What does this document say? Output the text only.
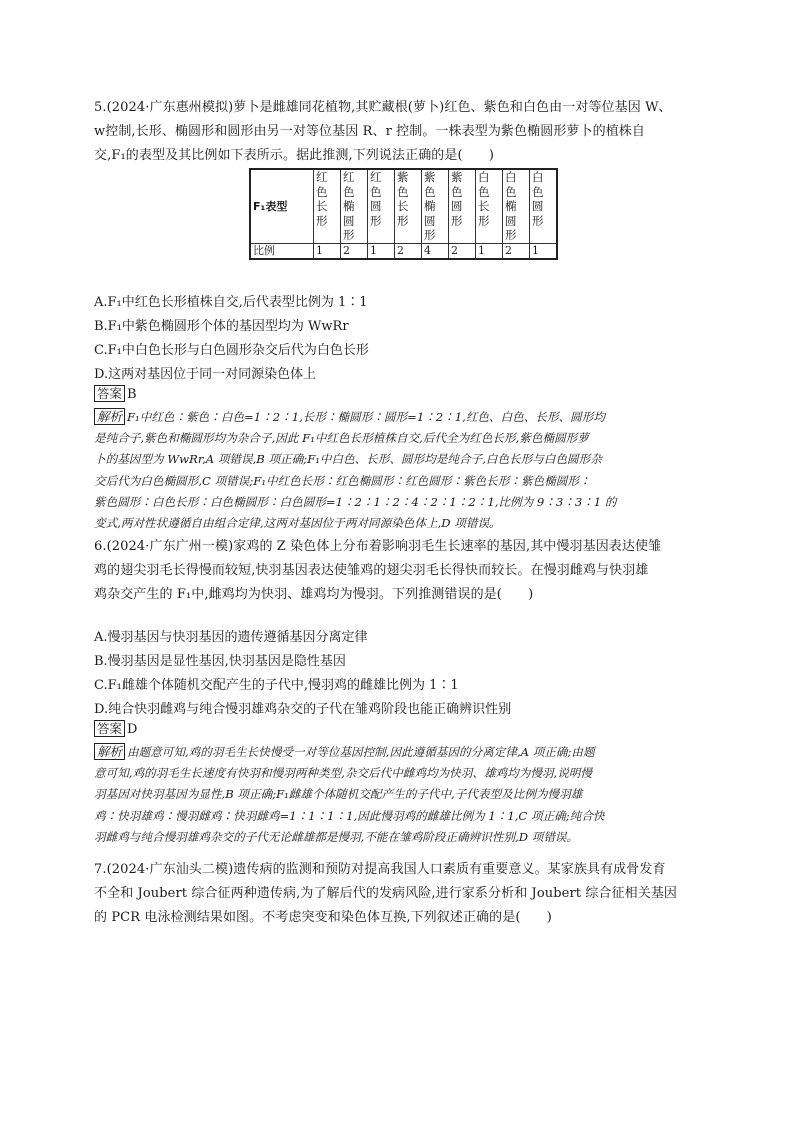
5.(2024·广东惠州模拟)萝卜是雌雄同花植物,其贮藏根(萝卜)红色、紫色和白色由一对等位基因 W、
w控制,长形、椭圆形和圆形由另一对等位基因 R、r 控制。一株表型为紫色椭圆形萝卜的植株自
交,F₁的表型及其比例如下表所示。据此推测,下列说法正确的是(　　)
F₁表型	红色长形	红色椭圆形	红色圆形	紫色长形	紫色椭圆形	紫色圆形	白色长形	白色椭圆形	白色圆形

比例	1	2	1	2	4	2	1	2	1
A.F₁中红色长形植株自交,后代表型比例为 1∶1
B.F₁中紫色椭圆形个体的基因型均为 WwRr
C.F₁中白色长形与白色圆形杂交后代为白色长形
D.这两对基因位于同一对同源染色体上
答案 B
解析 F₁中红色∶紫色∶白色=1∶2∶1,长形∶椭圆形∶圆形=1∶2∶1,红色、白色、长形、圆形均
是纯合子,紫色和椭圆形均为杂合子,因此 F₁中红色长形植株自交,后代全为红色长形,紫色椭圆形萝
卜的基因型为 WwRr,A 项错误,B 项正确;F₁中白色、长形、圆形均是纯合子,白色长形与白色圆形杂
交后代为白色椭圆形,C 项错误;F₁中红色长形∶红色椭圆形∶红色圆形∶紫色长形∶紫色椭圆形∶
紫色圆形∶白色长形∶白色椭圆形∶白色圆形=1∶2∶1∶2∶4∶2∶1∶2∶1,比例为 9∶3∶3∶1 的
变式,两对性状遵循自由组合定律,这两对基因位于两对同源染色体上,D 项错误。
6.(2024·广东广州一模)家鸡的 Z 染色体上分布着影响羽毛生长速率的基因,其中慢羽基因表达使雏
鸡的翅尖羽毛长得慢而较短,快羽基因表达使雏鸡的翅尖羽毛长得快而较长。在慢羽雌鸡与快羽雄
鸡杂交产生的 F₁中,雌鸡均为快羽、雄鸡均为慢羽。下列推测错误的是(　　)
A.慢羽基因与快羽基因的遗传遵循基因分离定律
B.慢羽基因是显性基因,快羽基因是隐性基因
C.F₁雌雄个体随机交配产生的子代中,慢羽鸡的雌雄比例为 1∶1
D.纯合快羽雌鸡与纯合慢羽雄鸡杂交的子代在雏鸡阶段也能正确辨识性别
答案 D
解析 由题意可知,鸡的羽毛生长快慢受一对等位基因控制,因此遵循基因的分离定律,A 项正确;由题
意可知,鸡的羽毛生长速度有快羽和慢羽两种类型,杂交后代中雌鸡均为快羽、雄鸡均为慢羽,说明慢
羽基因对快羽基因为显性,B 项正确;F₁雌雄个体随机交配产生的子代中,子代表型及比例为慢羽雄
鸡∶快羽雄鸡∶慢羽雌鸡∶快羽雌鸡=1∶1∶1∶1,因此慢羽鸡的雌雄比例为 1∶1,C 项正确;纯合快
羽雌鸡与纯合慢羽雄鸡杂交的子代无论雌雄都是慢羽,不能在雏鸡阶段正确辨识性别,D 项错误。
7.(2024·广东汕头二模)遗传病的监测和预防对提高我国人口素质有重要意义。某家族具有成骨发育
不全和 Joubert 综合征两种遗传病,为了解后代的发病风险,进行家系分析和 Joubert 综合征相关基因
的 PCR 电泳检测结果如图。不考虑突变和染色体互换,下列叙述正确的是(　　)
